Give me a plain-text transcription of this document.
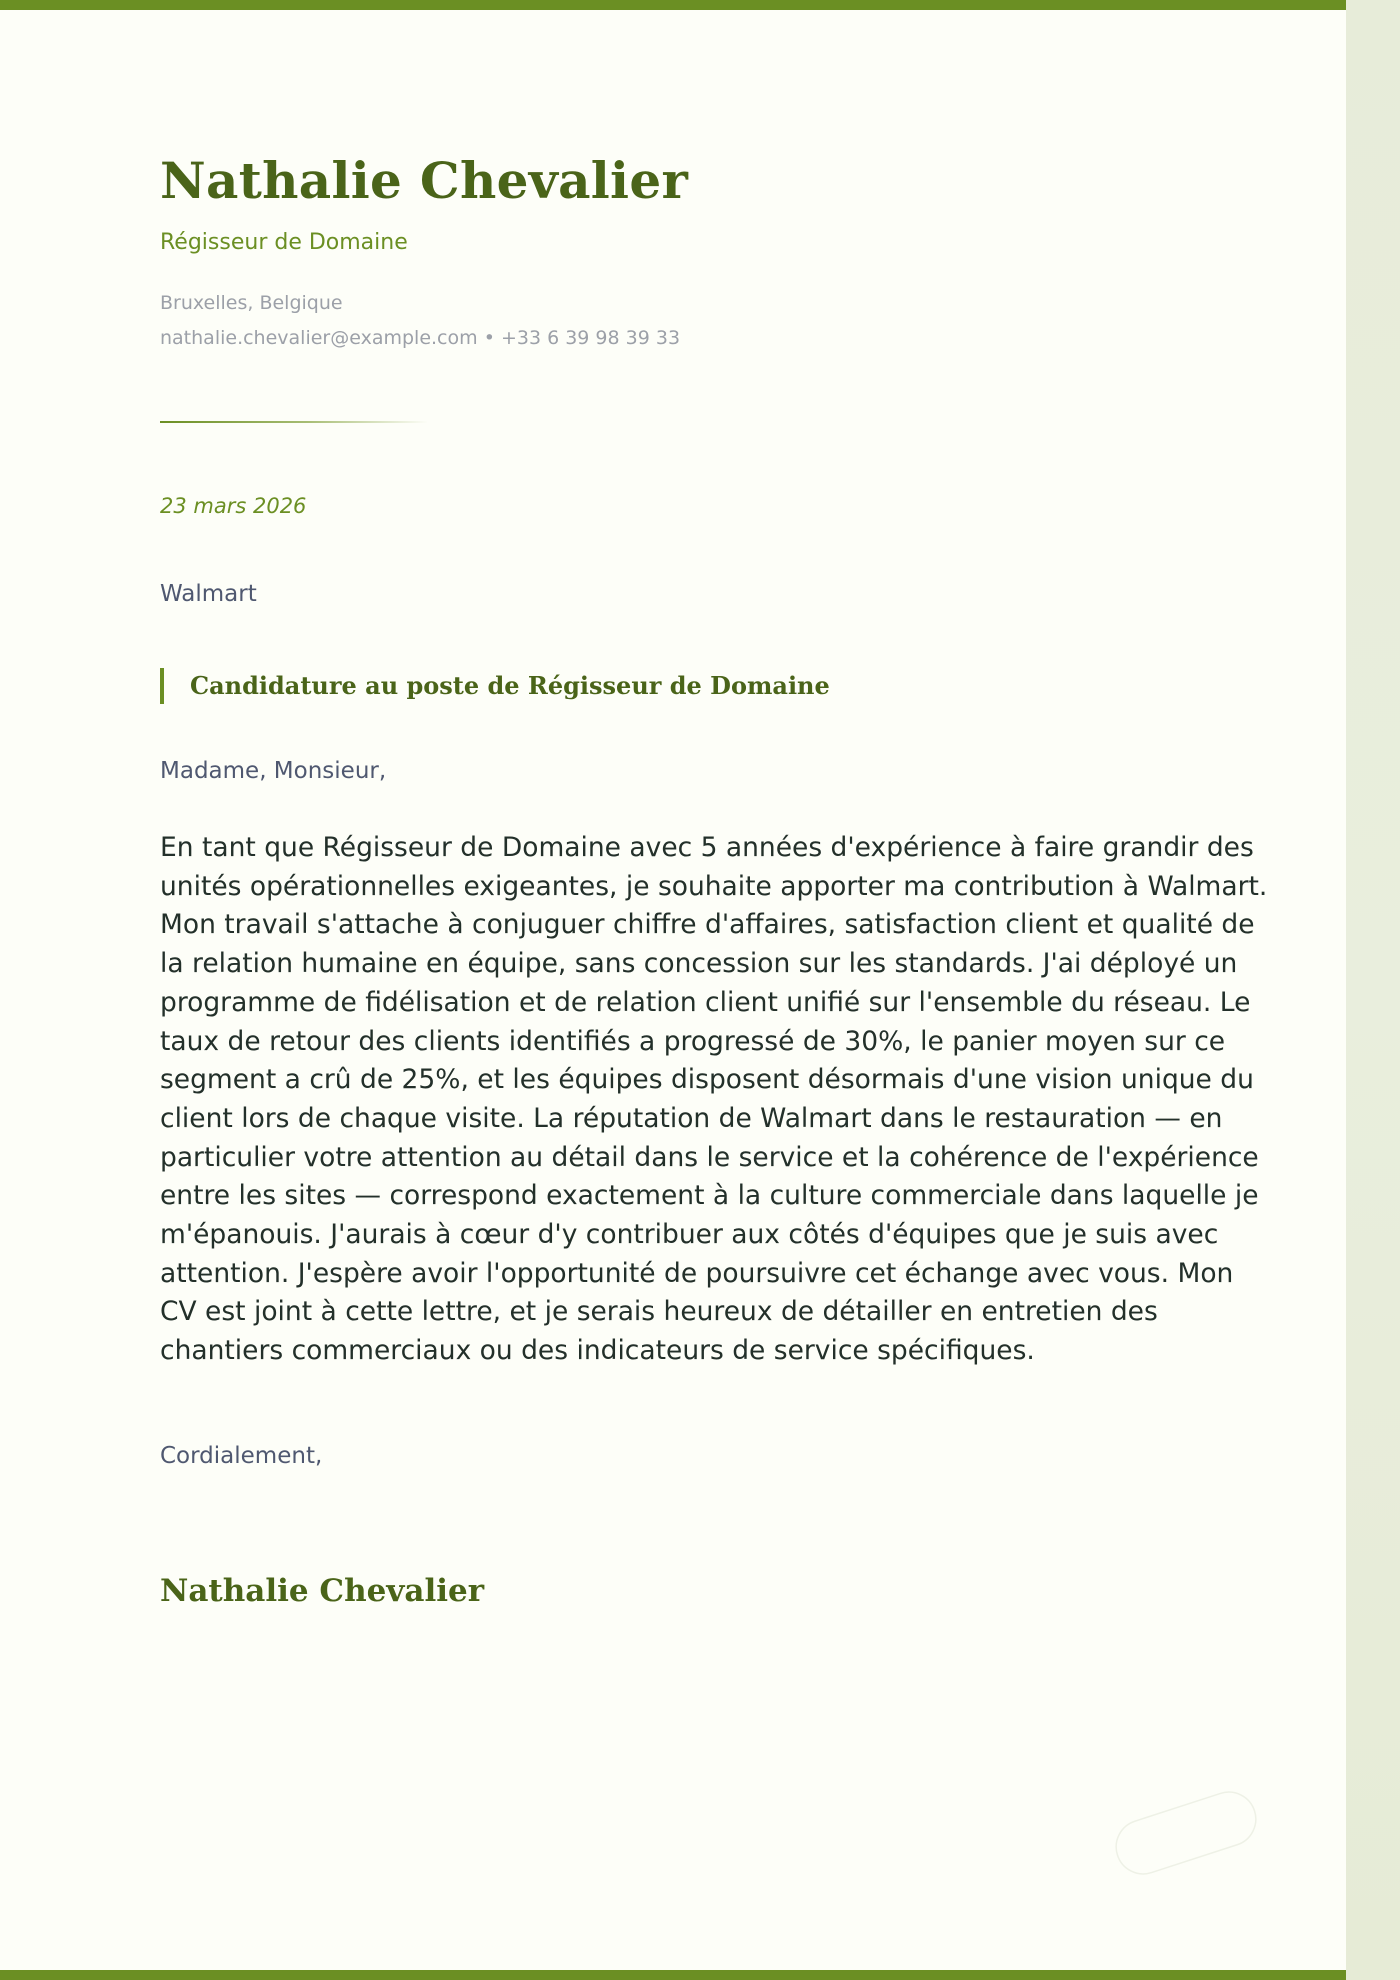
Nathalie Chevalier
Régisseur de Domaine
Bruxelles, Belgique
nathalie.chevalier@example.com • +33 6 39 98 39 33
23 mars 2026
Walmart
Candidature au poste de Régisseur de Domaine
Madame, Monsieur,

En tant que Régisseur de Domaine avec 5 années d'expérience à faire grandir des unités opérationnelles exigeantes, je souhaite apporter ma contribution à Walmart. Mon travail s'attache à conjuguer chiffre d'affaires, satisfaction client et qualité de la relation humaine en équipe, sans concession sur les standards. J'ai déployé un programme de fidélisation et de relation client unifié sur l'ensemble du réseau. Le taux de retour des clients identifiés a progressé de 30%, le panier moyen sur ce segment a crû de 25%, et les équipes disposent désormais d'une vision unique du client lors de chaque visite. La réputation de Walmart dans le restauration — en particulier votre attention au détail dans le service et la cohérence de l'expérience entre les sites — correspond exactement à la culture commerciale dans laquelle je m'épanouis. J'aurais à cœur d'y contribuer aux côtés d'équipes que je suis avec attention. J'espère avoir l'opportunité de poursuivre cet échange avec vous. Mon CV est joint à cette lettre, et je serais heureux de détailler en entretien des chantiers commerciaux ou des indicateurs de service spécifiques.

Cordialement,
Nathalie Chevalier
